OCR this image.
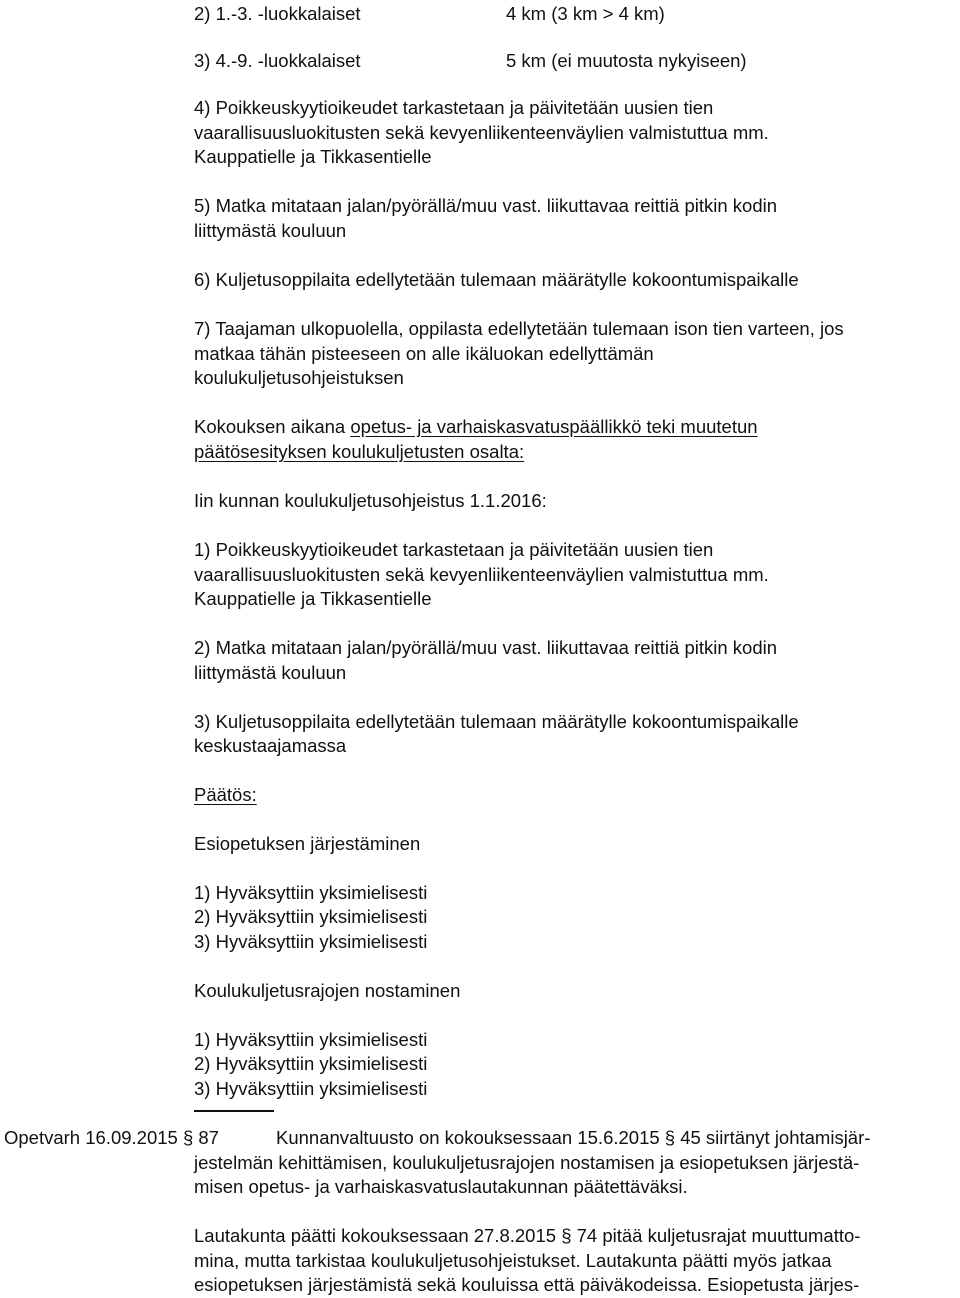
2) 1.-3. -luokkalaiset	4 km (3 km > 4 km)
3) 4.-9. -luokkalaiset	5 km (ei muutosta nykyiseen)
4) Poikkeuskyytioikeudet tarkastetaan ja päivitetään uusien tien
vaarallisuusluokitusten sekä kevyenliikenteenväylien valmistuttua mm.
Kauppatielle ja Tikkasentielle
5) Matka mitataan jalan/pyörällä/muu vast. liikuttavaa reittiä pitkin kodin
liittymästä kouluun
6) Kuljetusoppilaita edellytetään tulemaan määrätylle kokoontumispaikalle
7) Taajaman ulkopuolella, oppilasta edellytetään tulemaan ison tien varteen, jos
matkaa tähän pisteeseen on alle ikäluokan edellyttämän
koulukuljetusohjeistuksen
Kokouksen aikana opetus- ja varhaiskasvatuspäällikkö teki muutetun
päätösesityksen koulukuljetusten osalta:
Iin kunnan koulukuljetusohjeistus 1.1.2016:
1) Poikkeuskyytioikeudet tarkastetaan ja päivitetään uusien tien
vaarallisuusluokitusten sekä kevyenliikenteenväylien valmistuttua mm.
Kauppatielle ja Tikkasentielle
2) Matka mitataan jalan/pyörällä/muu vast. liikuttavaa reittiä pitkin kodin
liittymästä kouluun
3) Kuljetusoppilaita edellytetään tulemaan määrätylle kokoontumispaikalle
keskustaajamassa
Päätös:
Esiopetuksen järjestäminen
1) Hyväksyttiin yksimielisesti
2) Hyväksyttiin yksimielisesti
3) Hyväksyttiin yksimielisesti
Koulukuljetusrajojen nostaminen
1) Hyväksyttiin yksimielisesti
2) Hyväksyttiin yksimielisesti
3) Hyväksyttiin yksimielisesti
Opetvarh 16.09.2015 § 87	Kunnanvaltuusto on kokouksessaan 15.6.2015 § 45 siirtänyt johtamisjär-
jestelmän kehittämisen, koulukuljetusrajojen nostamisen ja esiopetuksen järjestä-
misen opetus- ja varhaiskasvatuslautakunnan päätettäväksi.
Lautakunta päätti kokouksessaan 27.8.2015 § 74 pitää kuljetusrajat muuttumatto-
mina, mutta tarkistaa koulukuljetusohjeistukset. Lautakunta päätti myös jatkaa
esiopetuksen järjestämistä sekä kouluissa että päiväkodeissa. Esiopetusta järjes-
